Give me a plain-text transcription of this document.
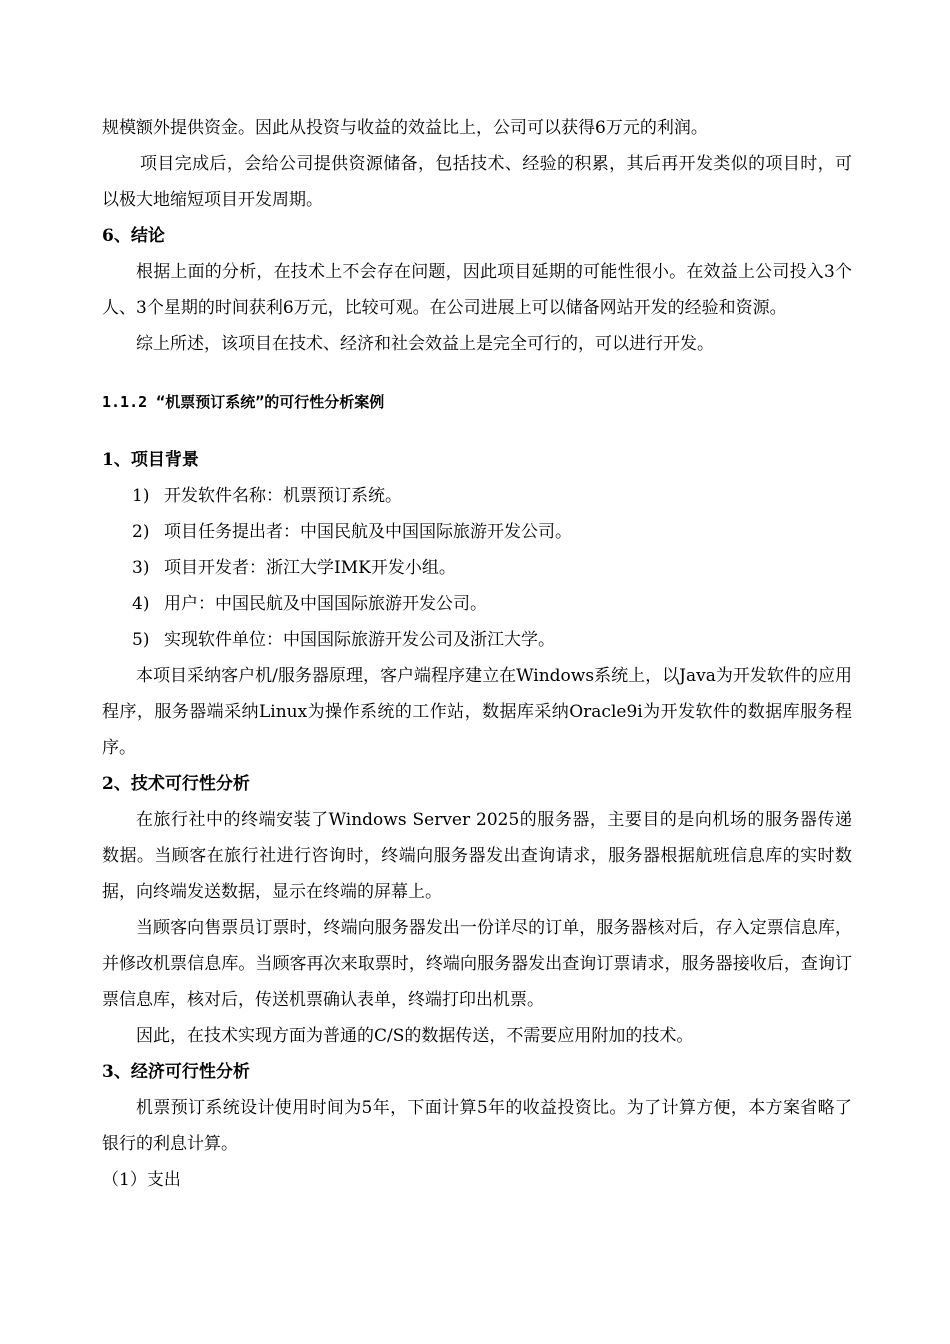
规模额外提供资金。因此从投资与收益的效益比上，公司可以获得6万元的利润。

项目完成后，会给公司提供资源储备，包括技术、经验的积累，其后再开发类似的项目时，可以极大地缩短项目开发周期。

6、结论

根据上面的分析，在技术上不会存在问题，因此项目延期的可能性很小。在效益上公司投入3个人、3个星期的时间获利6万元，比较可观。在公司进展上可以储备网站开发的经验和资源。

综上所述，该项目在技术、经济和社会效益上是完全可行的，可以进行开发。

1.1.2 “机票预订系统”的可行性分析案例
1、项目背景
1) 开发软件名称：机票预订系统。
2) 项目任务提出者：中国民航及中国国际旅游开发公司。
3) 项目开发者：浙江大学IMK开发小组。
4) 用户：中国民航及中国国际旅游开发公司。
5) 实现软件单位：中国国际旅游开发公司及浙江大学。

本项目采纳客户机/服务器原理，客户端程序建立在Windows系统上，以Java为开发软件的应用程序，服务器端采纳Linux为操作系统的工作站，数据库采纳Oracle9i为开发软件的数据库服务程序。

2、技术可行性分析

在旅行社中的终端安装了Windows Server 2025的服务器，主要目的是向机场的服务器传递数据。当顾客在旅行社进行咨询时，终端向服务器发出查询请求，服务器根据航班信息库的实时数据，向终端发送数据，显示在终端的屏幕上。

当顾客向售票员订票时，终端向服务器发出一份详尽的订单，服务器核对后，存入定票信息库，并修改机票信息库。当顾客再次来取票时，终端向服务器发出查询订票请求，服务器接收后，查询订票信息库，核对后，传送机票确认表单，终端打印出机票。

因此，在技术实现方面为普通的C/S的数据传送，不需要应用附加的技术。

3、经济可行性分析

机票预订系统设计使用时间为5年，下面计算5年的收益投资比。为了计算方便，本方案省略了银行的利息计算。

（1）支出
